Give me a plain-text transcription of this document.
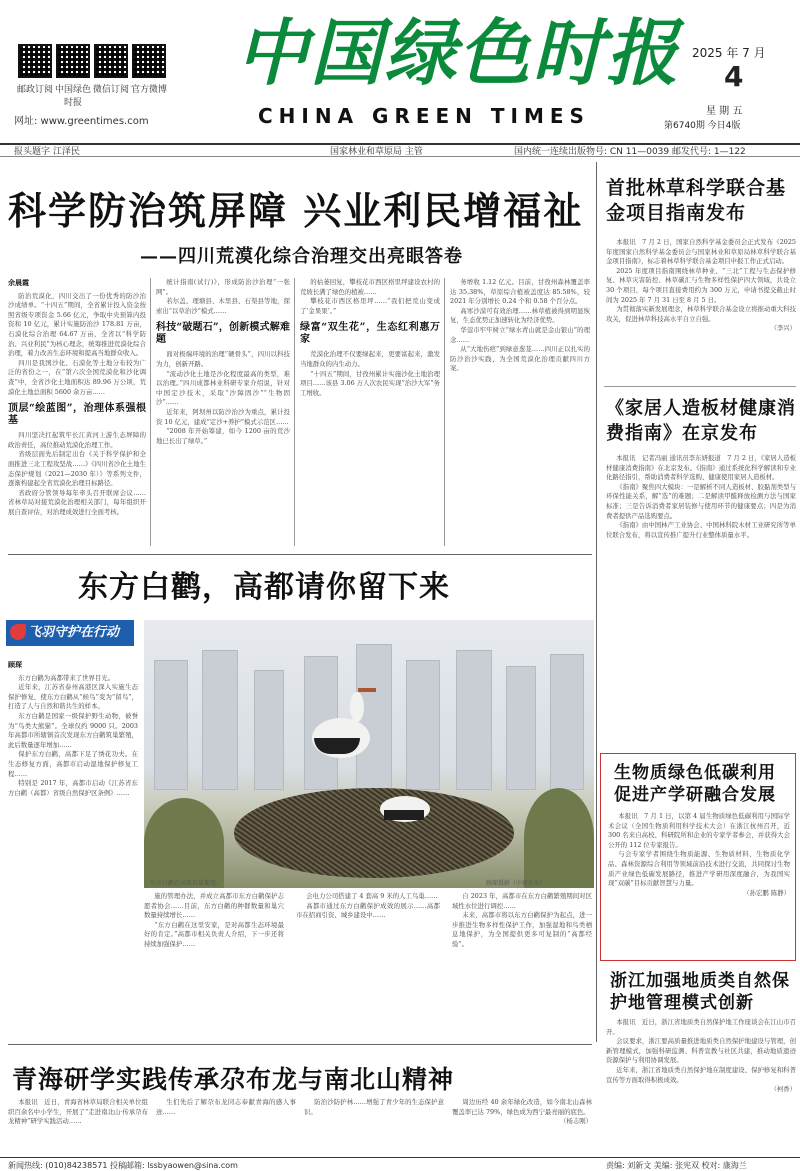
邮政订阅 中国绿色时报
微信订阅 官方微博
网址: www.greentimes.com
中国绿色时报
CHINA GREEN TIMES
2025 年 7 月
4
星 期 五
第6740期 今日4版
报头题字 江泽民	国家林业和草原局 主管	国内统一连续出版物号: CN 11—0039 邮发代号: 1—122
科学防治筑屏障 兴业利民增福祉
——四川荒漠化综合治理交出亮眼答卷
余晨霞

防治荒漠化，四川交出了一份优秀的防沙治沙成绩单。“十四五”期间，全省累计投入资金按照省级专项资金 5.66 亿元，争取中央预算内投资和 10 亿元，累计实施防治沙 178.81 万亩，石漠化综合治理 64.67 万亩，全省以“科学防治、兴业利民”为核心理念，统筹推进荒漠化综合治理，着力改善生态环境和提高当地群众收入。

四川是我国沙化、石漠化等土地分布较为广泛的省份之一，在“第六次全国荒漠化和沙化调查”中，全省沙化土地面积达 89.96 万公顷，荒漠化土地总面积 5600 余万亩……

顶层“绘蓝图”，治理体系强根基

四川坚决扛起筑牢长江黄河上游生态屏障的政治责任，高位推动荒漠化治理工作。

省级层面先后制定出台《关于科学保护和全面推进三北工程攻坚战……》《四川省沙化土地生态保护规划（2021—2030 年）》等系列文件，逐渐构建起全省荒漠化治理目标路径。

省政府分管领导每年牵头召开联席会议……省林草局对接荒漠化治理相关部门，每年组织开展自查评估，对治理成效进行全面考核。

统计指南(试行)》，形成防治沙治理“一张网”。

若尔盖、理塘县、木里县、石渠县等地，探索出“以草治沙”模式……

科技“破题石”，创新模式解难题

面对极端环境的治理“硬骨头”，四川以科技为力，创新开路。

“流动沙化土地是沙化程度最高的类型，难以治理。”四川成都林业科研专家介绍说，针对中国定沙技术，采取“沙障固沙”“生物固沙”……

近年来，阿坝州以防沙治沙为重点，累计投资 10 亿元，建成“定沙+养护”模式示范区……

“2008 年开始筹建，如今 1200 亩的荒沙地已长出了绿草。”

的枯萎回复，攀枝花市西区格里坪建设农村的荒坡长满了绿色的植被……

攀枝花市西区格里坪……“我们把荒山变成了‘金果果’。”

绿富“双生花”，生态红利惠万家

荒漠化治理不仅要绿起来，更要富起来，激发当地群众的内生动力。

“十四五”期间，甘孜州累计实施沙化土地治理项目……该县 3.06 万人次农民实现“治沙大军”务工增收。

务增收 1.12 亿元。目前，甘孜州森林覆盖率达 35.38%，草原综合植被盖度达 85.58%，较 2021 年分别增长 0.24 个和 0.58 个百分点。

高寒沙漠可有效治理……林草植被得到明显恢复，生态优势正加速转化为经济优势。

华蓥市牢牢树立“绿水青山就是金山银山”的理念……

从“大地伤疤”到绿意葱茏……四川正以扎实的防沙治沙实践，为全国荒漠化治理贡献四川方案。

首批林草科学联合基金项目指南发布

本报讯　7 月 2 日，国家自然科学基金委员会正式发布《2025 年度国家自然科学基金委员会与国家林业和草原局林草科学联合基金项目指南》，标志着林草科学联合基金项目申报工作正式启动。

2025 年度项目指南围绕林草种业、“三北”工程与生态保护修复、林草灾害防控、林草碳汇与生物多样性保护四大领域，共设立 30 个项目，每个项目直接费用约为 300 万元，申请书提交截止时间为 2025 年 7 月 31 日至 8 月 5 日。

为贯彻落实新发展理念，林草科学联合基金设立将推动重大科技攻关，促进林草科技高水平自立自强。

（李兴）

《家居人造板材健康消费指南》在京发布

本报讯　记者冯丽 通讯员李东妍报道　7 月 2 日，《家居人造板材健康消费指南》在北京发布。《指南》通过系统化科学解读和专业化路径指引，帮助消费者科学选购、健康使用家居人造板材。

《指南》聚焦四大模块：一是解析不同人造板材、胶黏剂类型与环保性能关系，解“选”的难题；二是解读甲醛释放检测方法与国家标准；三是告诉消费者家居装修与使用环节的健康要点；四是为消费者提供产品选购要点。

《指南》由中国林产工业协会、中国林科院木材工业研究所等单位联合发布，将以宣传推广提升行业整体质量水平。

生物质绿色低碳利用促进产学研融合发展

本报讯　7 月 1 日，以第 4 届生物质绿色低碳利用与国际学术会议（全国生物质利用科学技术大会）在浙江杭州召开，近 300 名来自高校、科研院所和企业的专家学者参会，并获得大会公开的 112 位专家报告。

与会专家学者围绕生物质能源、生物质材料、生物质化学品、森林资源综合利用等领域前沿技术进行交流，共同探讨生物质产业绿色低碳发展路径，推进产学研用深度融合，为我国实现“双碳”目标贡献智慧与力量。

（孙宏鹏 陈静）

浙江加强地质类自然保护地管理模式创新

本报讯　近日，浙江省地质类自然保护地工作座谈会在江山市召开。

会议要求，浙江要高质量推进地质类自然保护地建设与管理，创新管理模式，加强科研监测、科普宣教与社区共建，推动地质遗迹资源保护与利用协调发展。

近年来，浙江省地质类自然保护地在制度建设、保护修复和科普宣传等方面取得积极成效。

（柯香）

东方白鹳，高都请你留下来
飞羽守护在行动
顾琛

东方白鹳为高都带来了世界目光。

近年来，江苏省泰州高港区深入实施生态保护修复，使东方白鹳从“候鸟”变为“留鸟”，打造了人与自然和谐共生的样本。

东方白鹳是国家一级保护野生动物，被誉为“鸟类大熊猫”。全球仅约 9000 只。2003 年高都市所辖镇首次发现东方白鹳筑巢繁殖，此后数量逐年增加……

保护东方白鹳，高都下足了绣花功夫。在生态修复方面，高都市启动湿地保护修复工程……

特别是 2017 年，高都市启动《江苏省东方白鹳（高都）省级自然保护区条例》……

东方白鹳在高都筑巢繁殖。	顾琛摄影（中新社发）

施的管理办法，并成立高都市东方白鹳保护志愿者协会……目前，东方白鹳的种群数量和巢穴数量持续增长……

“东方白鹳在这里安家，是对高都生态环境最好的肯定。”高都市相关负责人介绍，下一步还将持续加强保护……

会电力公司搭建了 4 套高 9 米的人工鸟巢……

高都市通过东方白鹳保护成效的展示……高都市在招商引资、城乡建设中……

自 2023 年，高都市在东方白鹳繁殖期间对区域性水位进行调控……

未来，高都市将以东方白鹳保护为起点，进一步推进生物多样性保护工作，加强湿地和鸟类栖息地保护，为全国提供更多可复制的“高都经验”。

青海研学实践传承尕布龙与南北山精神

本报讯　近日，青海省林草局联合相关单位组织百余名中小学生，开展了“走进南北山·传承尕布龙精神”研学实践活动……

生们先后了解尕布龙同志奉献青海的感人事迹……

防治沙防护林……增强了青少年的生态保护意识。

周边历经 40 余年绿化改造，如今南北山森林覆盖率已达 79%，绿色成为西宁最亮丽的底色。

（杨志刚）

新闻热线: (010)84238571 投稿邮箱: lssbyaowen@sina.com	责编: 刘新文 美编: 张宪双 校对: 康海兰
